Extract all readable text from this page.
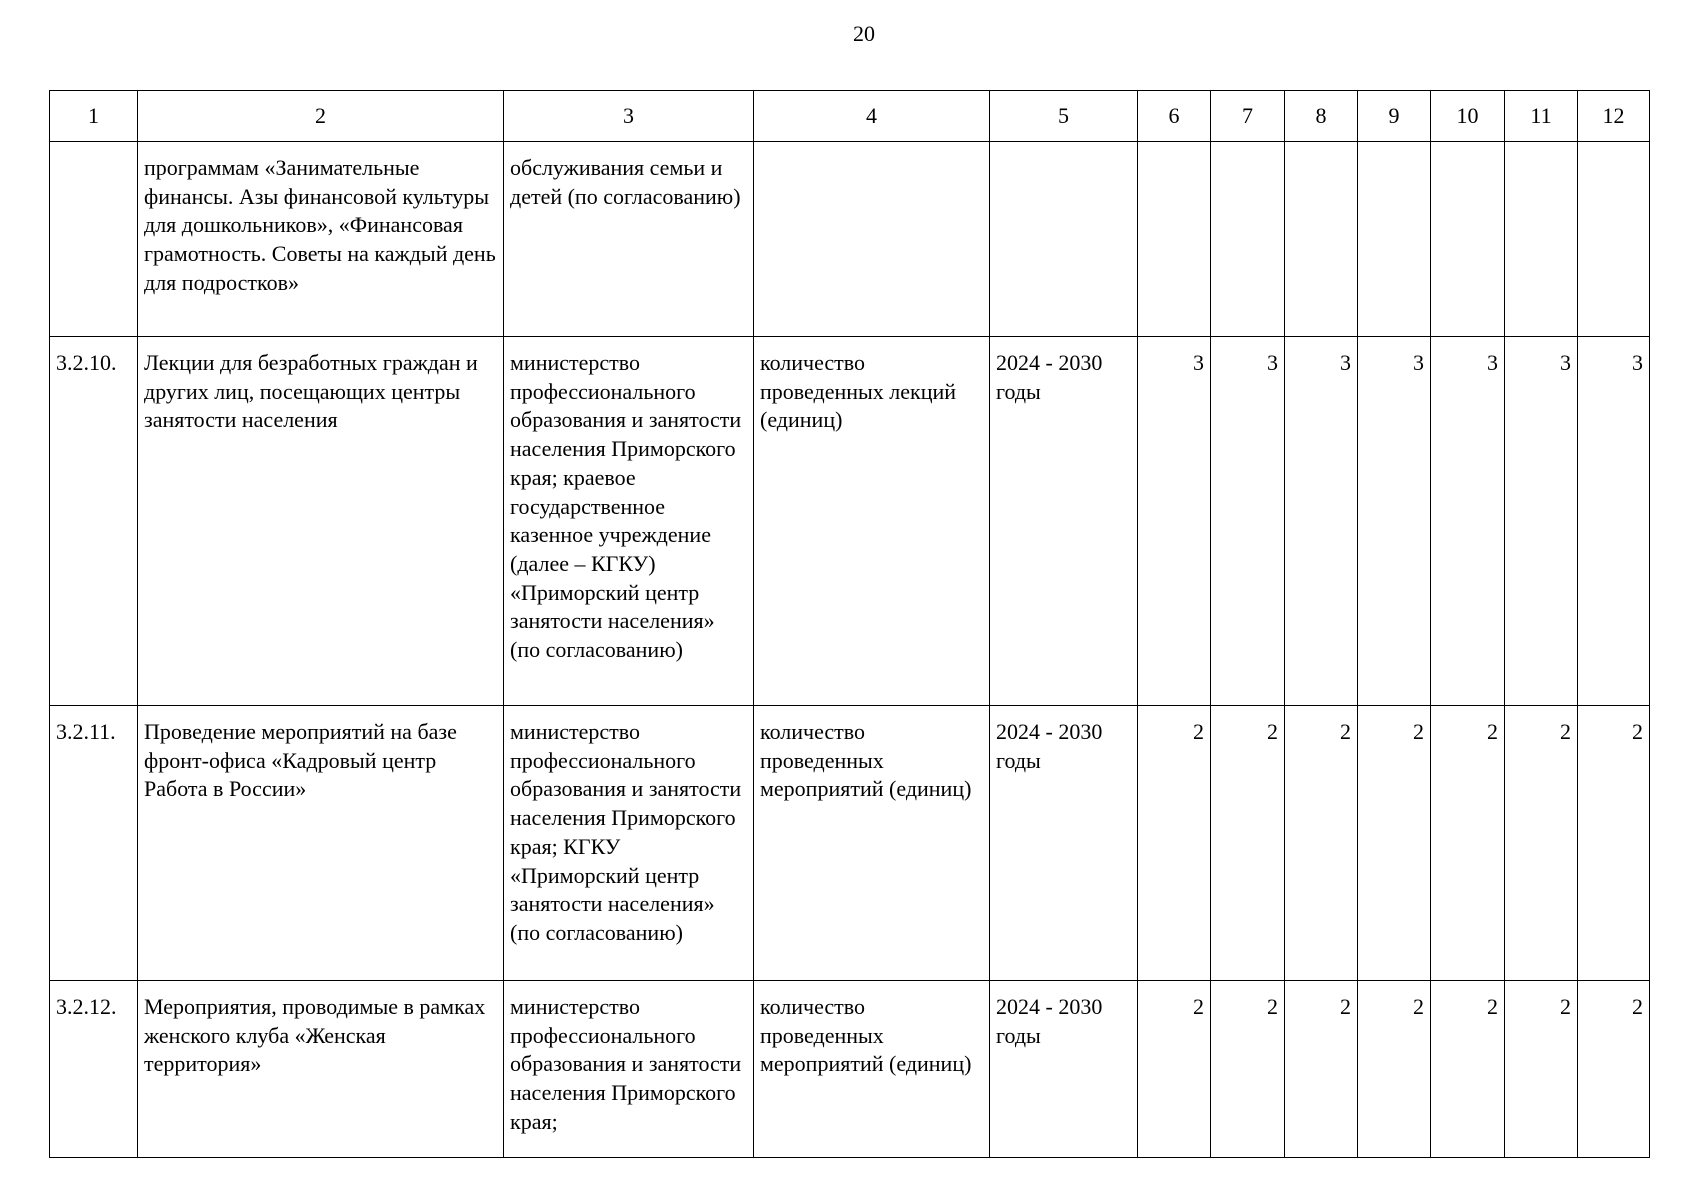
20
1	2	3	4	5	6	7	8	9	10	11	12
	программам «Занимательные финансы. Азы финансовой культуры для дошкольников», «Финансовая грамотность. Советы на каждый день для подростков»	обслуживания семьи и детей (по согласованию)									
3.2.10.	Лекции для безработных граждан и других лиц, посещающих центры занятости населения	министерство профессионального образования и занятости населения Приморского края; краевое государственное казенное учреждение (далее – КГКУ) «Приморский центр занятости населения» (по согласованию)	количество проведенных лекций (единиц)	2024 - 2030 годы	3	3	3	3	3	3	3
3.2.11.	Проведение мероприятий на базе фронт-офиса «Кадровый центр Работа в России»	министерство профессионального образования и занятости населения Приморского края; КГКУ «Приморский центр занятости населения» (по согласованию)	количество проведенных мероприятий (единиц)	2024 - 2030 годы	2	2	2	2	2	2	2
3.2.12.	Мероприятия, проводимые в рамках женского клуба «Женская территория»	министерство профессионального образования и занятости населения Приморского края;	количество проведенных мероприятий (единиц)	2024 - 2030 годы	2	2	2	2	2	2	2
